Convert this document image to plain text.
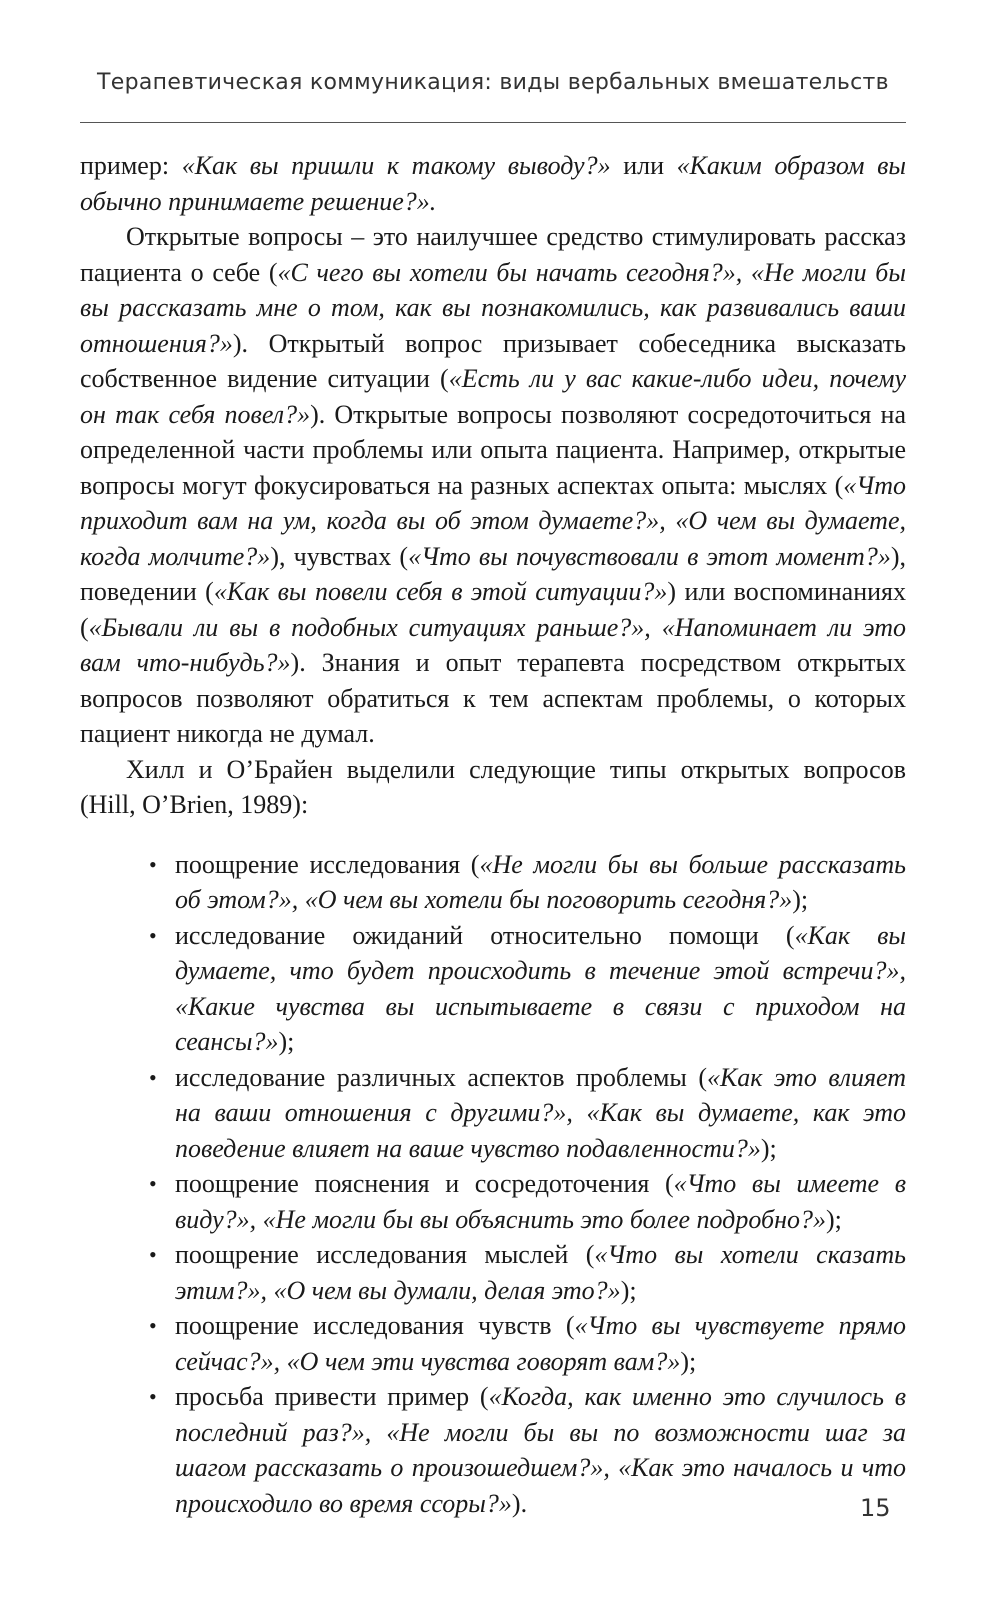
Терапевтическая коммуникация: виды вербальных вмешательств

пример: «Как вы пришли к такому выводу?» или «Каким образом вы обычно принимаете решение?».

Открытые вопросы – это наилучшее средство стимулировать рассказ пациента о себе («С чего вы хотели бы начать сегодня?», «Не могли бы вы рассказать мне о том, как вы познакомились, как развивались ваши отношения?»). Открытый вопрос призывает собеседника высказать собственное видение ситуации («Есть ли у вас какие-либо идеи, почему он так себя повел?»). Открытые вопросы позволяют сосредоточиться на определенной части проблемы или опыта пациента. Например, открытые вопросы могут фокусироваться на разных аспектах опыта: мыслях («Что приходит вам на ум, когда вы об этом думаете?», «О чем вы думаете, когда молчите?»), чувствах («Что вы почувствовали в этот момент?»), поведении («Как вы повели себя в этой ситуации?») или воспоминаниях («Бывали ли вы в подобных ситуациях раньше?», «Напоминает ли это вам что-нибудь?»). Знания и опыт терапевта посредством открытых вопросов позволяют обратиться к тем аспектам проблемы, о которых пациент никогда не думал.

Хилл и О’Брайен выделили следующие типы открытых вопросов (Hill, O’Brien, 1989):

• поощрение исследования («Не могли бы вы больше рассказать об этом?», «О чем вы хотели бы поговорить сегодня?»);
• исследование ожиданий относительно помощи («Как вы думаете, что будет происходить в течение этой встречи?», «Какие чувства вы испытываете в связи с приходом на сеансы?»);
• исследование различных аспектов проблемы («Как это влияет на ваши отношения с другими?», «Как вы думаете, как это поведение влияет на ваше чувство подавленности?»);
• поощрение пояснения и сосредоточения («Что вы имеете в виду?», «Не могли бы вы объяснить это более подробно?»);
• поощрение исследования мыслей («Что вы хотели сказать этим?», «О чем вы думали, делая это?»);
• поощрение исследования чувств («Что вы чувствуете прямо сейчас?», «О чем эти чувства говорят вам?»);
• просьба привести пример («Когда, как именно это случилось в последний раз?», «Не могли бы вы по возможности шаг за шагом рассказать о произошедшем?», «Как это началось и что происходило во время ссоры?»).	15
